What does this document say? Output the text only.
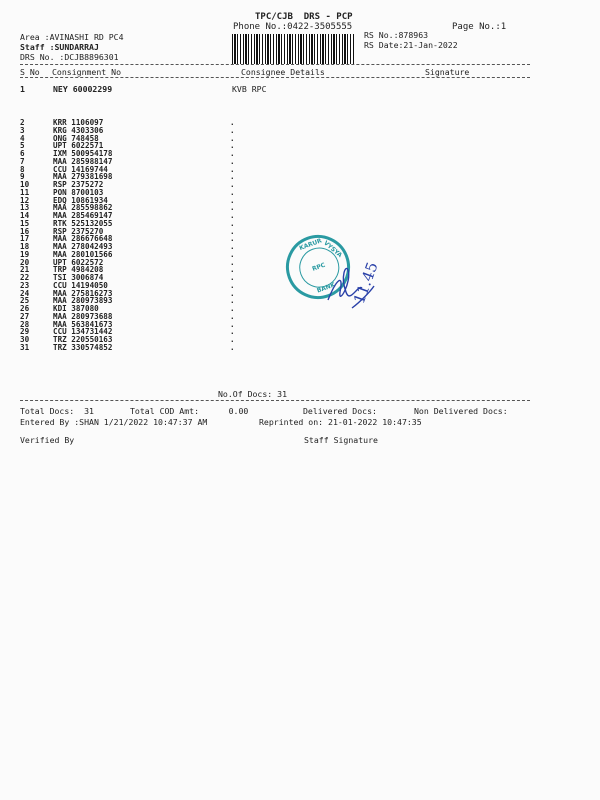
TPC/CJB  DRS - PCP
Phone No.:0422-3505555	Page No.:1
Area :AVINASHI RD PC4
Staff :SUNDARRAJ
DRS No. :DCJB8896301
RS No.:878963
RS Date:21-Jan-2022
S No Consignment No	Consignee Details	Signature
1	NEY 60002299	KVB RPC
2	KRR 1106097	.
3	KRG 4303306	.
4	ONG 748458	.
5	UPT 6022571	.
6	IXM 500954178	.
7	MAA 285988147	.
8	CCU 14169744	.
9	MAA 279381698	.
10	RSP 2375272	.
11	PON 8700103	.
12	EDQ 10861934	.
13	MAA 285598862	.
14	MAA 285469147	.
15	RTK 525132055	.
16	RSP 2375270	.
17	MAA 286676648	.
18	MAA 278042493	.
19	MAA 280101566	.
20	UPT 6022572	.
21	TRP 4984208	.
22	TSI 3006874	.
23	CCU 14194050	.
24	MAA 275816273	.
25	MAA 280973893	.
26	KDI 387080	.
27	MAA 280973688	.
28	MAA 563841673	.
29	CCU 134731442	.
30	TRZ 220550163	.
31	TRZ 330574852	.
No.Of Docs: 31
Total Docs:  31	Total COD Amt:      0.00	Delivered Docs:	Non Delivered Docs:
Entered By :SHAN 1/21/2022 10:47:37 AM	Reprinted on: 21-01-2022 10:47:35
Verified By	Staff Signature
KARUR VYSYA
BANK
RPC 11.45
